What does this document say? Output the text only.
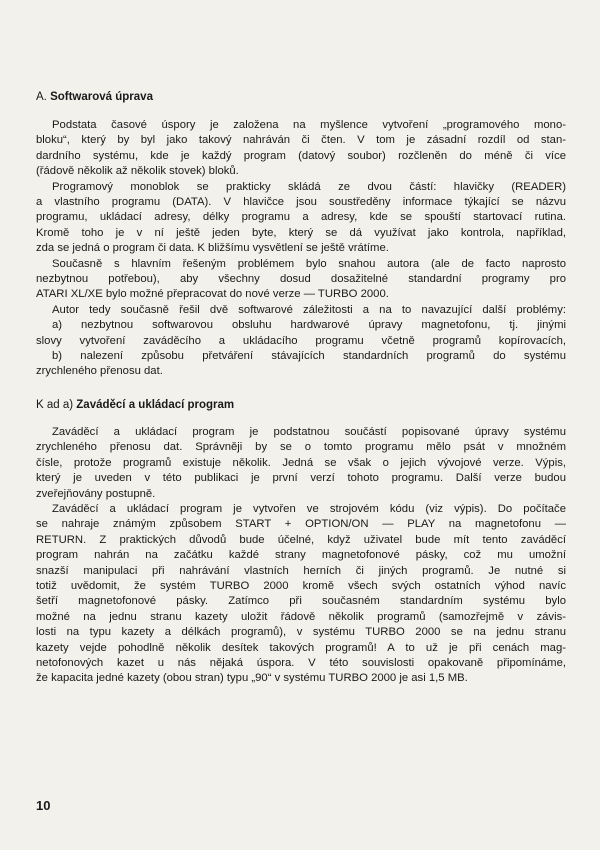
A. Softwarová úprava
Podstata časové úspory je založena na myšlence vytvoření „programového mono-
bloku“, který by byl jako takový nahráván či čten. V tom je zásadní rozdíl od stan-
dardního systému, kde je každý program (datový soubor) rozčleněn do méně či více
(řádově několik až několik stovek) bloků.
Programový monoblok se prakticky skládá ze dvou částí: hlavičky (READER)
a vlastního programu (DATA). V hlavičce jsou soustředěny informace týkající se názvu
programu, ukládací adresy, délky programu a adresy, kde se spouští startovací rutina.
Kromě toho je v ní ještě jeden byte, který se dá využívat jako kontrola, například,
zda se jedná o program či data. K bližšímu vysvětlení se ještě vrátíme.
Současně s hlavním řešeným problémem bylo snahou autora (ale de facto naprosto
nezbytnou potřebou), aby všechny dosud dosažitelné standardní programy pro
ATARI XL/XE bylo možné přepracovat do nové verze — TURBO 2000.
Autor tedy současně řešil dvě softwarové záležitosti a na to navazující další problémy:
a) nezbytnou softwarovou obsluhu hardwarové úpravy magnetofonu, tj. jinými
slovy vytvoření zaváděcího a ukládacího programu včetně programů kopírovacích,
b) nalezení způsobu přetváření stávajících standardních programů do systému
zrychleného přenosu dat.
K ad a) Zaváděcí a ukládací program
Zaváděcí a ukládací program je podstatnou součástí popisované úpravy systému
zrychleného přenosu dat. Správněji by se o tomto programu mělo psát v množném
čísle, protože programů existuje několik. Jedná se však o jejich vývojové verze. Výpis,
který je uveden v této publikaci je první verzí tohoto programu. Další verze budou
zveřejňovány postupně.
Zaváděcí a ukládací program je vytvořen ve strojovém kódu (viz výpis). Do počítače
se nahraje známým způsobem START + OPTION/ON — PLAY na magnetofonu —
RETURN. Z praktických důvodů bude účelné, když uživatel bude mít tento zaváděcí
program nahrán na začátku každé strany magnetofonové pásky, což mu umožní
snazší manipulaci při nahrávání vlastních herních či jiných programů. Je nutné si
totiž uvědomit, že systém TURBO 2000 kromě všech svých ostatních výhod navíc
šetří magnetofonové pásky. Zatímco při současném standardním systému bylo
možné na jednu stranu kazety uložit řádově několik programů (samozřejmě v závis-
losti na typu kazety a délkách programů), v systému TURBO 2000 se na jednu stranu
kazety vejde pohodlně několik desítek takových programů! A to už je při cenách mag-
netofonových kazet u nás nějaká úspora. V této souvislosti opakovaně připomínáme,
že kapacita jedné kazety (obou stran) typu „90“ v systému TURBO 2000 je asi 1,5 MB.
10
